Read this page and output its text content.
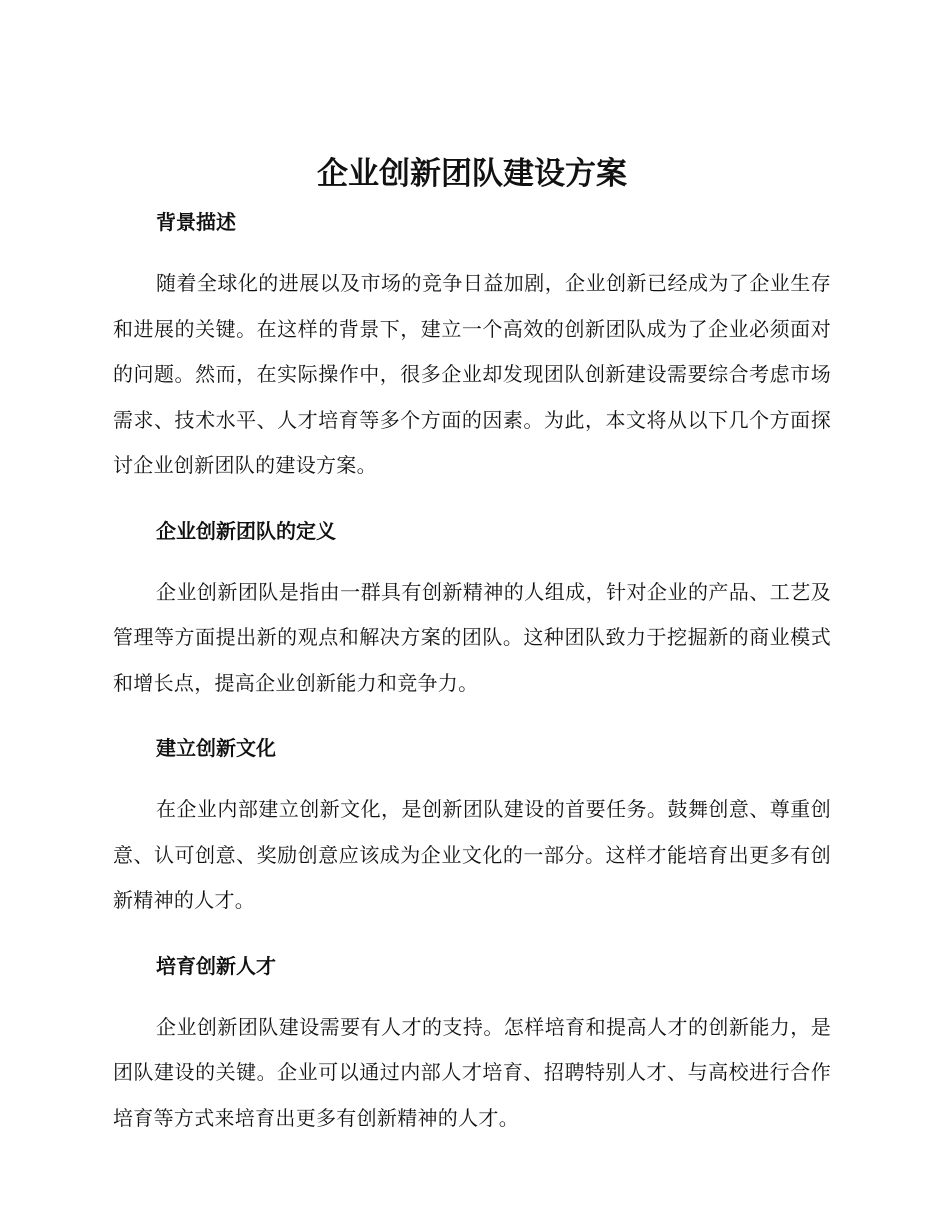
企业创新团队建设方案
背景描述

随着全球化的进展以及市场的竞争日益加剧，企业创新已经成为了企业生存和进展的关键。在这样的背景下，建立一个高效的创新团队成为了企业必须面对的问题。然而，在实际操作中，很多企业却发现团队创新建设需要综合考虑市场需求、技术水平、人才培育等多个方面的因素。为此，本文将从以下几个方面探讨企业创新团队的建设方案。

企业创新团队的定义

企业创新团队是指由一群具有创新精神的人组成，针对企业的产品、工艺及管理等方面提出新的观点和解决方案的团队。这种团队致力于挖掘新的商业模式和增长点，提高企业创新能力和竞争力。

建立创新文化

在企业内部建立创新文化，是创新团队建设的首要任务。鼓舞创意、尊重创意、认可创意、奖励创意应该成为企业文化的一部分。这样才能培育出更多有创新精神的人才。

培育创新人才

企业创新团队建设需要有人才的支持。怎样培育和提高人才的创新能力，是团队建设的关键。企业可以通过内部人才培育、招聘特别人才、与高校进行合作培育等方式来培育出更多有创新精神的人才。
